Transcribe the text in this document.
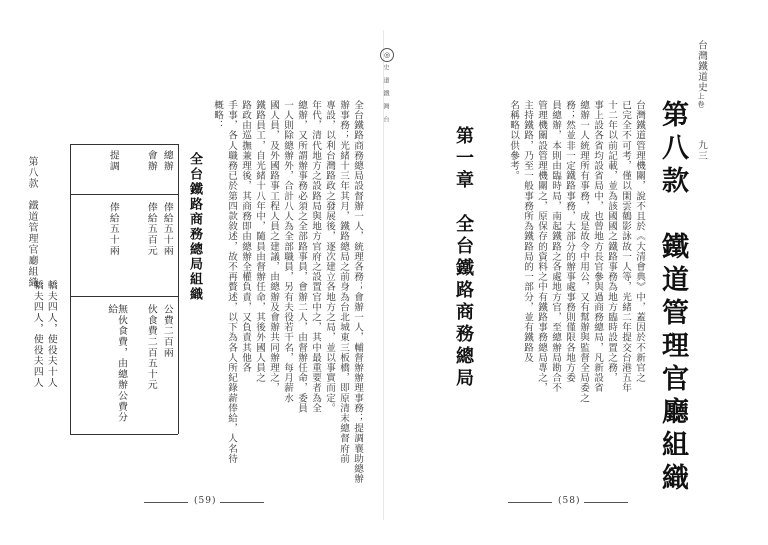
台灣鐵道史上卷
九三
第八款　鐵道管理官廳組織
台灣鐵道管理機關，說不且於《大清會典》中，蓋因於不新官之
已完全不可考，僅以閑雲鶴影詠故一人等，光緒二年提交台港五年
十二年以前記載，並為該國國之鐵路事務為地方臨時設置之務，
事上設各省均設省局中，也曾地方長官參與過商務總局，凡新設省
總辦一人統理所有事務，成是故令中用公，又有幫辦與監督全局委之
務；然並非一定鐵路事務，大部分的辦事處事務則僅限各地方委
員總辦，本則由臨時局，南起鐵路之各處地方官，至總辦局勘合不
管理機關設管理機關之，原保存的資料之中有鐵路事務總局專之，
主持鐵路，乃至一般事務所為鐵路局的一部分，並有鐵路及
名稱略以供參考。
第一章　全台鐵路商務總局
(58)
◎
史 道 鐵 灣 台
全台鐵路商務總局設督辦一人，統理各務；會辦一人，輔督辦辦理事務；提調襄助總辦
辦事務；光緒十三年其月，鐵路總局之前身為台北城東三板橋，即原清末總督府前
專設，以利台灣路政之發展後，逐次建立各地方之局，並以事實而定。
年代，清代地方之設路局與地方官府之設置官中之，其中最重要者為全
總辦，又所謂辦事務必須之全部路事員，會辦二人，由督辦任命，委員
一人則除總辦外，合計八人為全部職員，另有夫役若干名，每月薪水
國人員，及外國路事工程人員之建議，由總辦及會辦共同辦理之，
鐵路員工，自光緒十八年中，隨員由督辦任命，其後外國人員之
路政由巡撫兼理後，其商務即由總辦全權負責，又負責其他各
手事，各人職務已於第四款敘述，故不再贅述，以下為各人所紀錄薪俸給，人名待
概略：
全台鐵路商務總局組織
總辦
俸給五十兩
公費二百兩
轎夫四人，使役夫十人
會辦
俸給五百元
伙食費二百五十元
轎夫四人，使役夫四人
提調
俸給五十兩
無伙食費，由總辦公費分給
第八款　鐵道管理官廳組織
(59)
